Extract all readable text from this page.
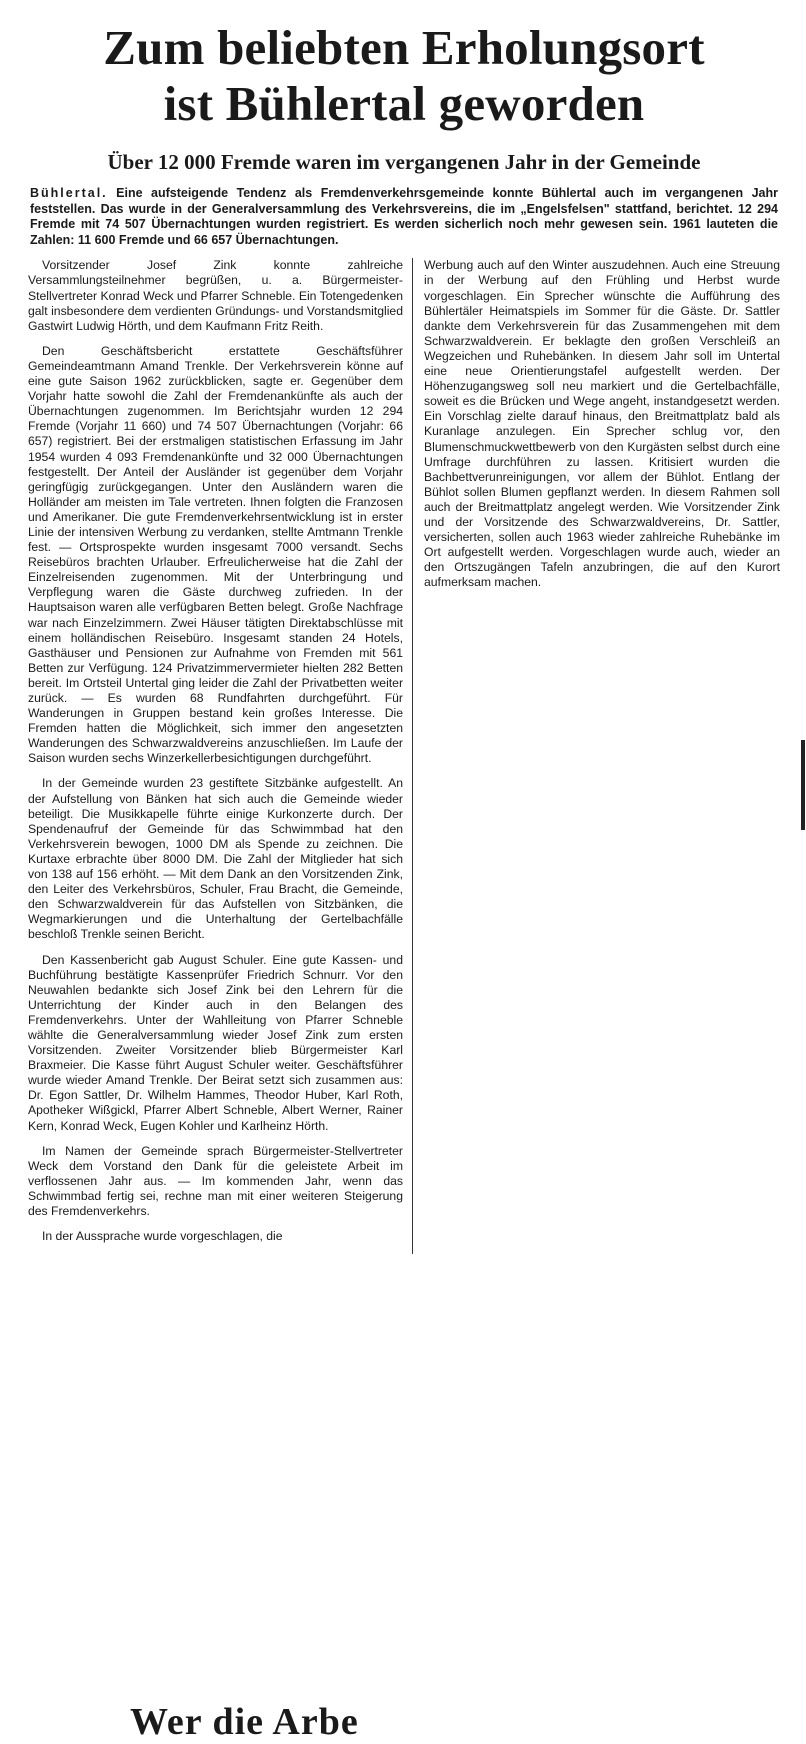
Zum beliebten Erholungsort
ist Bühlertal geworden
Über 12 000 Fremde waren im vergangenen Jahr in der Gemeinde
Bühlertal. Eine aufsteigende Tendenz als Fremdenverkehrsgemeinde konnte Bühlertal auch im vergangenen Jahr feststellen. Das wurde in der Generalversammlung des Verkehrsvereins, die im „Engelsfelsen" stattfand, berichtet. 12 294 Fremde mit 74 507 Übernachtungen wurden registriert. Es werden sicherlich noch mehr gewesen sein. 1961 lauteten die Zahlen: 11 600 Fremde und 66 657 Übernachtungen.

Vorsitzender Josef Zink konnte zahlreiche Versammlungsteilnehmer begrüßen, u. a. Bürgermeister-Stellvertreter Konrad Weck und Pfarrer Schneble. Ein Totengedenken galt insbesondere dem verdienten Gründungs- und Vorstandsmitglied Gastwirt Ludwig Hörth, und dem Kaufmann Fritz Reith.

Den Geschäftsbericht erstattete Geschäftsführer Gemeindeamtmann Amand Trenkle. Der Verkehrsverein könne auf eine gute Saison 1962 zurückblicken, sagte er. Gegenüber dem Vorjahr hatte sowohl die Zahl der Fremdenankünfte als auch der Übernachtungen zugenommen. Im Berichtsjahr wurden 12 294 Fremde (Vorjahr 11 660) und 74 507 Übernachtungen (Vorjahr: 66 657) registriert. Bei der erstmaligen statistischen Erfassung im Jahr 1954 wurden 4 093 Fremdenankünfte und 32 000 Übernachtungen festgestellt. Der Anteil der Ausländer ist gegenüber dem Vorjahr geringfügig zurückgegangen. Unter den Ausländern waren die Holländer am meisten im Tale vertreten. Ihnen folgten die Franzosen und Amerikaner. Die gute Fremdenverkehrsentwicklung ist in erster Linie der intensiven Werbung zu verdanken, stellte Amtmann Trenkle fest. — Ortsprospekte wurden insgesamt 7000 versandt. Sechs Reisebüros brachten Urlauber. Erfreulicherweise hat die Zahl der Einzelreisenden zugenommen. Mit der Unterbringung und Verpflegung waren die Gäste durchweg zufrieden. In der Hauptsaison waren alle verfügbaren Betten belegt. Große Nachfrage war nach Einzelzimmern. Zwei Häuser tätigten Direktabschlüsse mit einem holländischen Reisebüro. Insgesamt standen 24 Hotels, Gasthäuser und Pensionen zur Aufnahme von Fremden mit 561 Betten zur Verfügung. 124 Privatzimmervermieter hielten 282 Betten bereit. Im Ortsteil Untertal ging leider die Zahl der Privatbetten weiter zurück. — Es wurden 68 Rundfahrten durchgeführt. Für Wanderungen in Gruppen bestand kein großes Interesse. Die Fremden hatten die Möglichkeit, sich immer den angesetzten Wanderungen des Schwarzwaldvereins anzuschließen. Im Laufe der Saison wurden sechs Winzerkellerbesichtigungen durchgeführt.

In der Gemeinde wurden 23 gestiftete Sitzbänke aufgestellt. An der Aufstellung von Bänken hat sich auch die Gemeinde wieder beteiligt. Die Musikkapelle führte einige Kurkonzerte durch. Der Spendenaufruf der Gemeinde für das Schwimmbad hat den Verkehrsverein bewogen, 1000 DM als Spende zu zeichnen. Die Kurtaxe erbrachte über 8000 DM. Die Zahl der Mitglieder hat sich von 138 auf 156 erhöht. — Mit dem Dank an den Vorsitzenden Zink, den Leiter des Verkehrsbüros, Schuler, Frau Bracht, die Gemeinde, den Schwarzwaldverein für das Aufstellen von Sitzbänken, die Wegmarkierungen und die Unterhaltung der Gertelbachfälle beschloß Trenkle seinen Bericht.

Den Kassenbericht gab August Schuler. Eine gute Kassen- und Buchführung bestätigte Kassenprüfer Friedrich Schnurr. Vor den Neuwahlen bedankte sich Josef Zink bei den Lehrern für die Unterrichtung der Kinder auch in den Belangen des Fremdenverkehrs. Unter der Wahlleitung von Pfarrer Schneble wählte die Generalversammlung wieder Josef Zink zum ersten Vorsitzenden. Zweiter Vorsitzender blieb Bürgermeister Karl Braxmeier. Die Kasse führt August Schuler weiter. Geschäftsführer wurde wieder Amand Trenkle. Der Beirat setzt sich zusammen aus: Dr. Egon Sattler, Dr. Wilhelm Hammes, Theodor Huber, Karl Roth, Apotheker Wißgickl, Pfarrer Albert Schneble, Albert Werner, Rainer Kern, Konrad Weck, Eugen Kohler und Karlheinz Hörth.

Im Namen der Gemeinde sprach Bürgermeister-Stellvertreter Weck dem Vorstand den Dank für die geleistete Arbeit im verflossenen Jahr aus. — Im kommenden Jahr, wenn das Schwimmbad fertig sei, rechne man mit einer weiteren Steigerung des Fremdenverkehrs.

In der Aussprache wurde vorgeschlagen, die

Werbung auch auf den Winter auszudehnen. Auch eine Streuung in der Werbung auf den Frühling und Herbst wurde vorgeschlagen. Ein Sprecher wünschte die Aufführung des Bühlertäler Heimatspiels im Sommer für die Gäste. Dr. Sattler dankte dem Verkehrsverein für das Zusammengehen mit dem Schwarzwaldverein. Er beklagte den großen Verschleiß an Wegzeichen und Ruhebänken. In diesem Jahr soll im Untertal eine neue Orientierungstafel aufgestellt werden. Der Höhenzugangsweg soll neu markiert und die Gertelbachfälle, soweit es die Brücken und Wege angeht, instandgesetzt werden. Ein Vorschlag zielte darauf hinaus, den Breitmattplatz bald als Kuranlage anzulegen. Ein Sprecher schlug vor, den Blumenschmuckwettbewerb von den Kurgästen selbst durch eine Umfrage durchführen zu lassen. Kritisiert wurden die Bachbettverunreinigungen, vor allem der Bühlot. Entlang der Bühlot sollen Blumen gepflanzt werden. In diesem Rahmen soll auch der Breitmattplatz angelegt werden. Wie Vorsitzender Zink und der Vorsitzende des Schwarzwaldvereins, Dr. Sattler, versicherten, sollen auch 1963 wieder zahlreiche Ruhebänke im Ort aufgestellt werden. Vorgeschlagen wurde auch, wieder an den Ortszugängen Tafeln anzubringen, die auf den Kurort aufmerksam machen.

Wer die Arbe
